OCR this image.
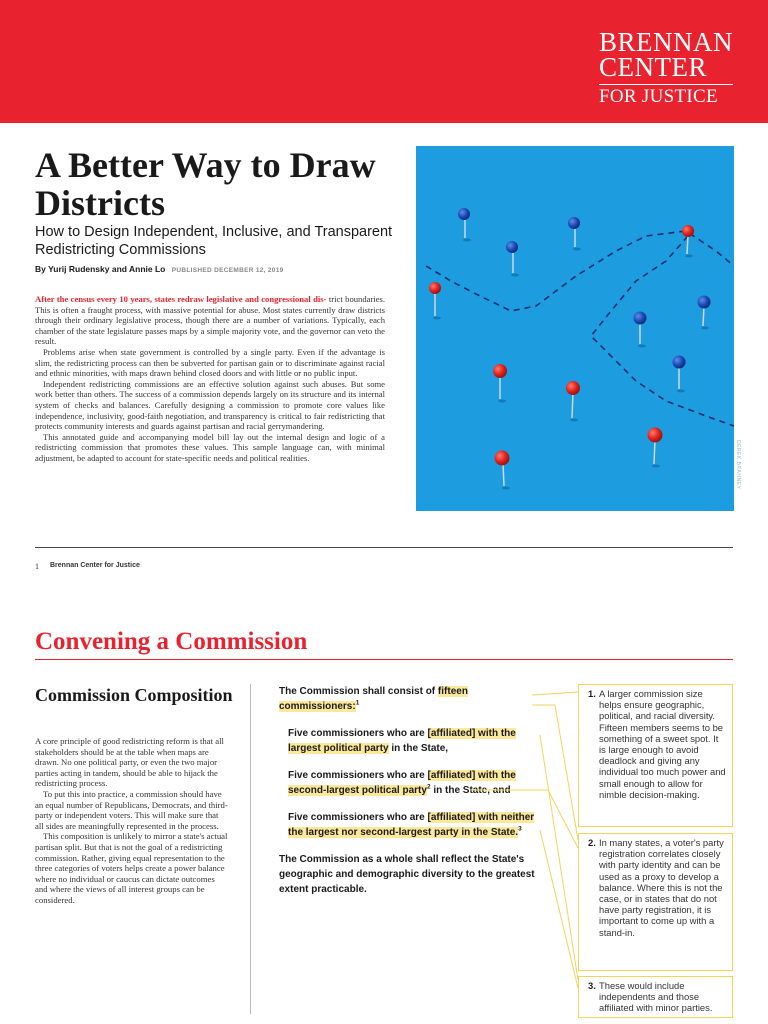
BRENNAN
CENTER
FOR JUSTICE
A Better Way to Draw Districts
How to Design Independent, Inclusive, and Transparent Redistricting Commissions
By Yurij Rudensky and Annie Lo PUBLISHED DECEMBER 12, 2019

After the census every 10 years, states redraw legislative and congressional dis- trict boundaries. This is often a fraught process, with massive potential for abuse. Most states currently draw districts through their ordinary legislative process, though there are a number of variations. Typically, each chamber of the state legislature passes maps by a simple majority vote, and the governor can veto the result.

Problems arise when state government is controlled by a single party. Even if the advantage is slim, the redistricting process can then be subverted for partisan gain or to discriminate against racial and ethnic minorities, with maps drawn behind closed doors and with little or no public input.

Independent redistricting commissions are an effective solution against such abuses. But some work better than others. The success of a commission depends largely on its structure and its internal system of checks and balances. Carefully designing a commission to promote core values like independence, inclusivity, good-faith negotiation, and transparency is critical to fair redistricting that protects community interests and guards against partisan and racial gerrymandering.

This annotated guide and accompanying model bill lay out the internal design and logic of a redistricting commission that promotes these values. This sample language can, with minimal adjustment, be adapted to account for state-specific needs and political realities.	DEREK BRAHNEY
1 Brennan Center for Justice
Convening a Commission
Commission Composition

A core principle of good redistricting reform is that all stakeholders should be at the table when maps are drawn. No one political party, or even the two major parties acting in tandem, should be able to hijack the redistricting process.

To put this into practice, a commission should have an equal number of Republicans, Democrats, and third-party or independent voters. This will make sure that all sides are meaningfully represented in the process.

This composition is unlikely to mirror a state's actual partisan split. But that is not the goal of a redistricting commission. Rather, giving equal representation to the three categories of voters helps create a power balance where no individual or caucus can dictate outcomes and where the views of all interest groups can be considered.

The Commission shall consist of fifteen commissioners:$^1$
Five commissioners who are [affiliated] with the largest political party in the State,
Five commissioners who are [affiliated] with the second-largest political party$^2$ in the State, and
Five commissioners who are [affiliated] with neither the largest nor second-largest party in the State.$^3$
The Commission as a whole shall reflect the State's geographic and demographic diversity to the greatest extent practicable.
1. A larger commission size helps ensure geographic, political, and racial diversity. Fifteen members seems to be something of a sweet spot. It is large enough to avoid deadlock and giving any individual too much power and small enough to allow for nimble decision-making.
2. In many states, a voter's party registration correlates closely with party identity and can be used as a proxy to develop a balance. Where this is not the case, or in states that do not have party registration, it is important to come up with a stand-in.
3. These would include independents and those affiliated with minor parties.
